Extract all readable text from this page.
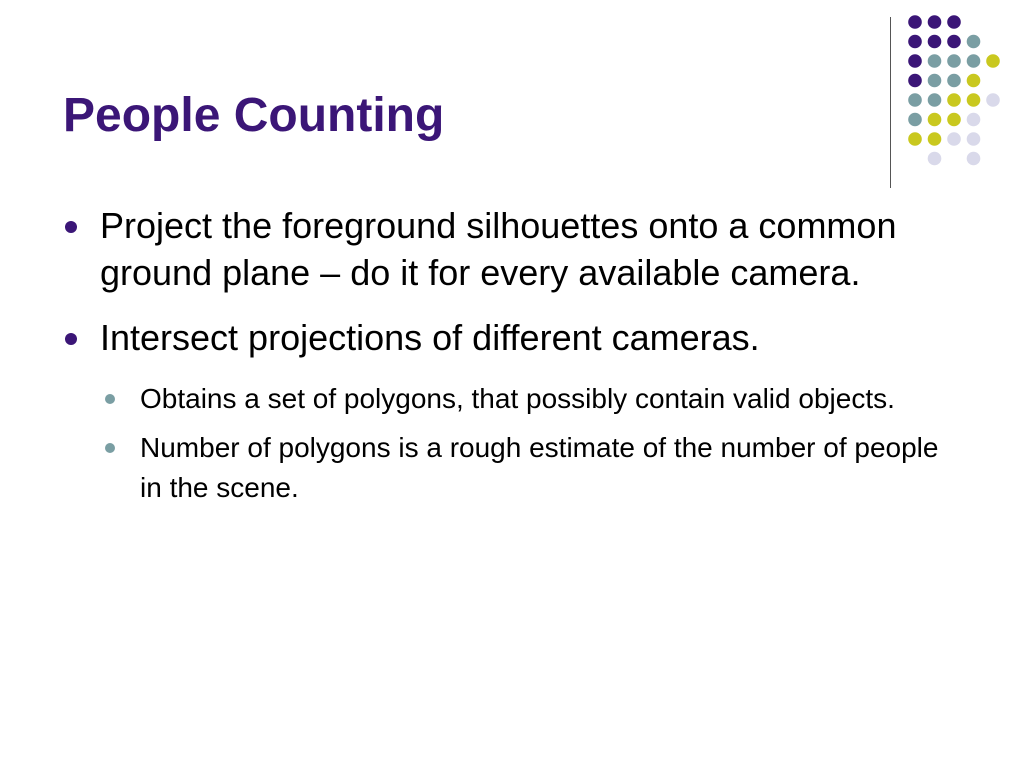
People Counting
Project the foreground silhouettes onto a common ground plane – do it for every available camera.
Intersect projections of different cameras.
Obtains a set of polygons, that possibly contain valid objects.
Number of polygons is a rough estimate of the number of people in the scene.
